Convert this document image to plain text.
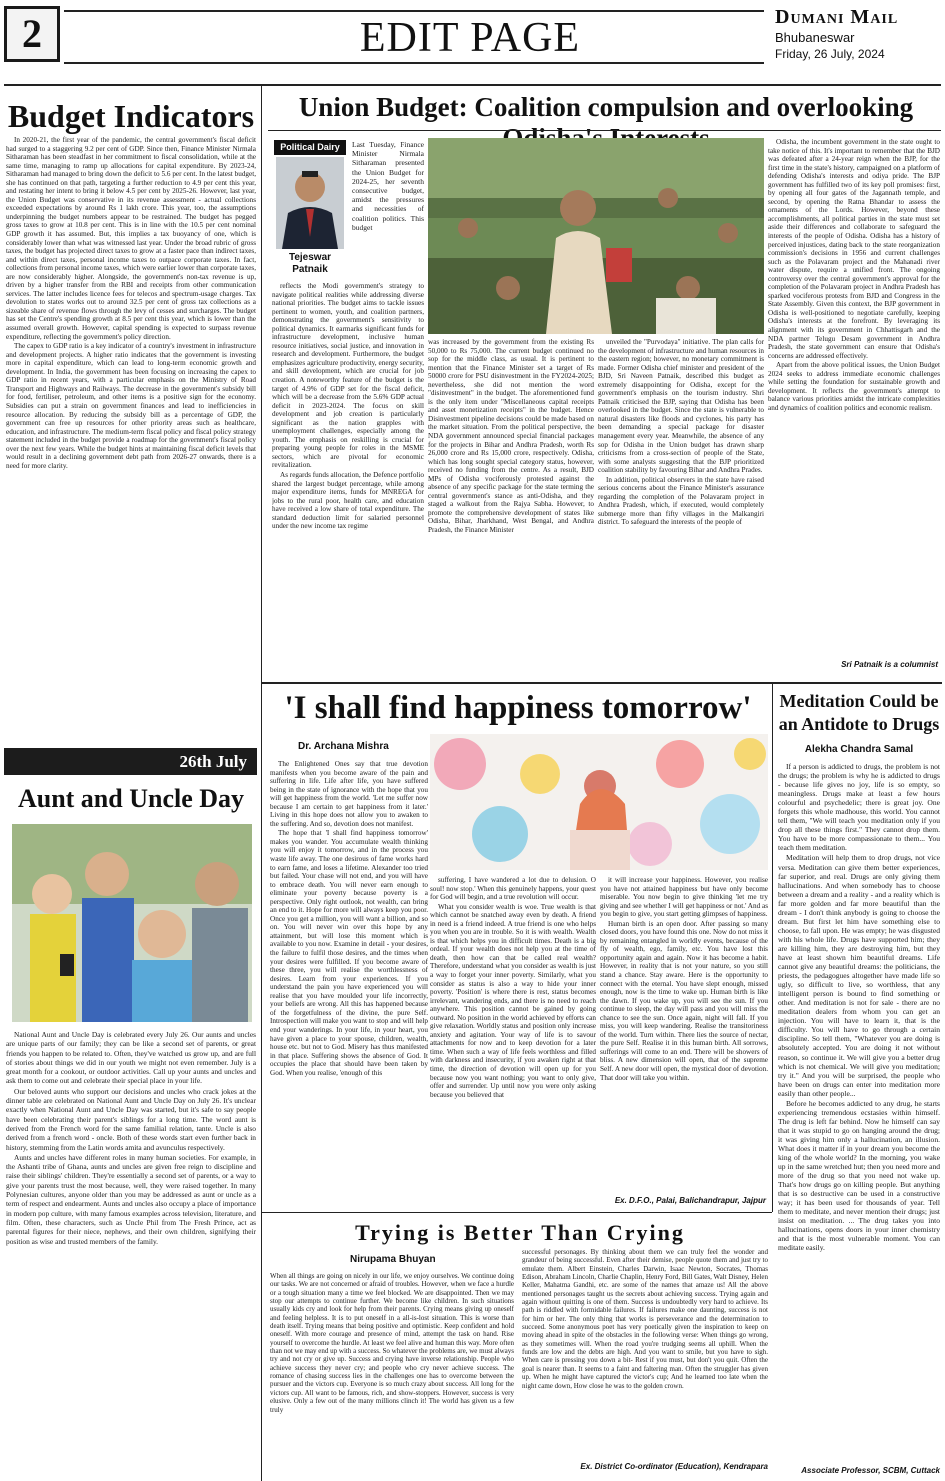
2	EDIT PAGE	Dumani Mail
Bhubaneswar
Friday, 26 July, 2024
Budget Indicators

In 2020-21, the first year of the pandemic, the central government's fiscal deficit had surged to a staggering 9.2 per cent of GDP. Since then, Finance Minister Nirmala Sitharaman has been steadfast in her commitment to fiscal consolidation, while at the same time, managing to ramp up allocations for capital expenditure. By 2023-24, Sitharaman had managed to bring down the deficit to 5.6 per cent. In the latest budget, she has continued on that path, targeting a further reduction to 4.9 per cent this year, and restating her intent to bring it below 4.5 per cent by 2025-26. However, last year, the Union Budget was conservative in its revenue assessment - actual collections exceeded expectations by around Rs 1 lakh crore. This year, too, the assumptions underpinning the budget numbers appear to be restrained. The budget has pegged gross taxes to grow at 10.8 per cent. This is in line with the 10.5 per cent nominal GDP growth it has assumed. But, this implies a tax buoyancy of one, which is considerably lower than what was witnessed last year. Under the broad rubric of gross taxes, the budget has projected direct taxes to grow at a faster pace than indirect taxes, and within direct taxes, personal income taxes to outpace corporate taxes. In fact, collections from personal income taxes, which were earlier lower than corporate taxes, are now considerably higher. Alongside, the government's non-tax revenue is up, driven by a higher transfer from the RBI and receipts from other communication services. The latter includes licence fees for telecos and spectrum-usage charges. Tax devolution to states works out to around 32.5 per cent of gross tax collections as a sizeable share of revenue flows through the levy of cesses and surcharges. The budget has set the Centre's spending growth at 8.5 per cent this year, which is lower than the assumed overall growth. However, capital spending is expected to surpass revenue expenditure, reflecting the government's policy direction.

The capex to GDP ratio is a key indicator of a country's investment in infrastructure and development projects. A higher ratio indicates that the government is investing more in capital expenditure, which can lead to long-term economic growth and development. In India, the government has been focusing on increasing the capex to GDP ratio in recent years, with a particular emphasis on the Ministry of Road Transport and Highways and Railways. The decrease in the government's subsidy bill for food, fertiliser, petroleum, and other items is a positive sign for the economy. Subsidies can put a strain on government finances and lead to inefficiencies in resource allocation. By reducing the subsidy bill as a percentage of GDP, the government can free up resources for other priority areas such as healthcare, education, and infrastructure. The medium-term fiscal policy and fiscal policy strategy statement included in the budget provide a roadmap for the government's fiscal policy over the next few years. While the budget hints at maintaining fiscal deficit levels that would result in a declining government debt path from 2026-27 onwards, there is a need for more clarity.

26th July
Aunt and Uncle Day

National Aunt and Uncle Day is celebrated every July 26. Our aunts and uncles are unique parts of our family; they can be like a second set of parents, or great friends you happen to be related to. Often, they've watched us grow up, and are full of stories about things we did in our youth we might not even remember. July is a great month for a cookout, or outdoor activities. Call up your aunts and uncles and ask them to come out and celebrate their special place in your life.

Our beloved aunts who support our decisions and uncles who crack jokes at the dinner table are celebrated on National Aunt and Uncle Day on July 26. It's unclear exactly when National Aunt and Uncle Day was started, but it's safe to say people have been celebrating their parent's siblings for a long time. The word aunt is derived from the French word for the same familial relation, tante. Uncle is also derived from a french word - oncle. Both of these words start even further back in history, stemming from the Latin words amita and avunculus respectively.

Aunts and uncles have different roles in many human societies. For example, in the Ashanti tribe of Ghana, aunts and uncles are given free reign to discipline and raise their siblings' children. They're essentially a second set of parents, or a way to give your parents trust the most because, well, they were raised together. In many Polynesian cultures, anyone older than you may be addressed as aunt or uncle as a term of respect and endearment. Aunts and uncles also occupy a place of importance in modern pop culture, with many famous examples across television, literature, and film. Often, these characters, such as Uncle Phil from The Fresh Prince, act as parental figures for their niece, nephews, and their own children, signifying their position as wise and trusted members of the family.

Union Budget: Coalition compulsion and overlooking
Political Dairy
Tejeswar Patnaik
Last Tuesday, Finance Minister Nirmala Sitharaman presented the Union Budget for 2024-25, her seventh consecutive budget, amidst the pressures and necessities of coalition politics. This budget

reflects the Modi government's strategy to navigate political realities while addressing diverse national priorities. The budget aims to tackle issues pertinent to women, youth, and coalition partners, demonstrating the government's sensitivity to political dynamics. It earmarks significant funds for infrastructure development, inclusive human resource initiatives, social justice, and innovation in research and development. Furthermore, the budget emphasizes agriculture productivity, energy security, and skill development, which are crucial for job creation. A noteworthy feature of the budget is the target of 4.9% of GDP set for the fiscal deficit, which will be a decrease from the 5.6% GDP actual deficit in 2023-2024. The focus on skill development and job creation is particularly significant as the nation grapples with unemployment challenges, especially among the youth. The emphasis on reskilling is crucial for preparing young people for roles in the MSME sectors, which are pivotal for economic revitalization.

As regards funds allocation, the Defence portfolio shared the largest budget percentage, while among major expenditure items, funds for MNREGA for jobs to the rural poor, health care, and education have received a low share of total expenditure. The standard deduction limit for salaried personnel under the new income tax regime

was increased by the government from the existing Rs 50,000 to Rs 75,000. The current budget continued no sop for the middle class, as usual. It is pertinent to mention that the Finance Minister set a target of Rs 50000 crore for PSU disinvestment in the FY2024-2025; nevertheless, she did not mention the word "disinvestment" in the budget. The aforementioned fund is the only item under "Miscellaneous capital receipts and asset monetization receipts" in the budget. Hence Disinvestment pipeline decisions could be made based on the market situation. From the political perspective, the NDA government announced special financial packages for the projects in Bihar and Andhra Pradesh, worth Rs 26,000 crore and Rs 15,000 crore, respectively. Odisha, which has long sought special category status, however, received no funding from the centre. As a result, BJD MPs of Odisha vociferously protested against the absence of any specific package for the state terming the central government's stance as anti-Odisha, and they staged a walkout from the Rajya Sabha. However, to promote the comprehensive development of states like Odisha, Bihar, Jharkhand, West Bengal, and Andhra Pradesh, the Finance Minister

unveiled the "Purvodaya" initiative. The plan calls for the development of infrastructure and human resources in the eastern region; however, no monetary commitment is made. Former Odisha chief minister and president of the BJD, Sri Naveen Patnaik, described this budget as extremely disappointing for Odisha, except for the government's emphasis on the tourism industry. Shri Patnaik criticised the BJP, saying that Odisha has been overlooked in the budget. Since the state is vulnerable to natural disasters like floods and cyclones, his party has been demanding a special package for disaster management every year. Meanwhile, the absence of any sop for Odisha in the Union budget has drawn sharp criticisms from a cross-section of people of the State, with some analysts suggesting that the BJP prioritized coalition stability by favouring Bihar and Andhra Prades.

In addition, political observers in the state have raised serious concerns about the Finance Minister's assurance regarding the completion of the Polavaram project in Andhra Pradesh, which, if executed, would completely submerge more than fifty villages in the Malkangiri district. To safeguard the interests of the people of

Odisha, the incumbent government in the state ought to take notice of this. It's important to remember that the BJD was defeated after a 24-year reign when the BJP, for the first time in the state's history, campaigned on a platform of defending Odisha's interests and odiya pride. The BJP government has fulfilled two of its key poll promises: first, by opening all four gates of the Jagannath temple, and second, by opening the Ratna Bhandar to assess the ornaments of the Lords. However, beyond these accomplishments, all political parties in the state must set aside their differences and collaborate to safeguard the interests of the people of Odisha. Odisha has a history of perceived injustices, dating back to the state reorganization commission's decisions in 1956 and current challenges such as the Polavaram project and the Mahanadi river water dispute, require a unified front. The ongoing controversy over the central government's approval for the completion of the Polavaram project in Andhra Pradesh has sparked vociferous protests from BJD and Congress in the State Assembly. Given this context, the BJP government in Odisha is well-positioned to negotiate carefully, keeping Odisha's interests at the forefront. By leveraging its alignment with its government in Chhattisgarh and the NDA partner Telugu Desam government in Andhra Pradesh, the state government can ensure that Odisha's concerns are addressed effectively.

Apart from the above political issues, the Union Budget 2024 seeks to address immediate economic challenges while setting the foundation for sustainable growth and development. It reflects the government's attempt to balance various priorities amidst the intricate complexities and dynamics of coalition politics and economic realism.

Sri Patnaik is a columnist
'I shall find happiness tomorrow'
Dr. Archana Mishra

The Enlightened Ones say that true devotion manifests when you become aware of the pain and suffering in life. Life after life, you have suffered being in the state of ignorance with the hope that you will get happiness from the world. 'Let me suffer now because I am certain to get happiness from it later.' Living in this hope does not allow you to awaken to the suffering. And so, devotion does not manifest.

The hope that 'I shall find happiness tomorrow' makes you wander. You accumulate wealth thinking you will enjoy it tomorrow, and in the process you waste life away. The one desirous of fame works hard to earn fame, and loses a lifetime. Alexander too tried but failed. Your chase will not end, and you will have to embrace death. You will never earn enough to eliminate your poverty because poverty is a perspective. Only right outlook, not wealth, can bring an end to it. Hope for more will always keep you poor. Once you get a million, you will want a billion, and so on. You will never win over this hope by any attainment, but will lose this moment which is available to you now. Examine in detail - your desires, the failure to fulfil those desires, and the times when your desires were fulfilled. If you become aware of these three, you will realise the worthlessness of desires. Learn from your experiences. If you understand the pain you have experienced you will realise that you have moulded your life incorrectly, your beliefs are wrong. All this has happened because of the forgetfulness of the divine, the pure Self. Introspection will make you want to stop and will help end your wanderings. In your life, in your heart, you have given a place to your spouse, children, wealth, house etc. but not to God. Misery has thus manifested in that place. Suffering shows the absence of God. It occupies the place that should have been taken by God. When you realise, 'enough of this

suffering, I have wandered a lot due to delusion. O soul! now stop.' When this genuinely happens, your quest for God will begin, and a true revolution will occur.

What you consider wealth is woe. True wealth is that which cannot be snatched away even by death. A friend in need is a friend indeed. A true friend is one who helps you when you are in trouble. So it is with wealth. Wealth is that which helps you in difficult times. Death is a big ordeal. If your wealth does not help you at the time of death, then how can that be called real wealth? Therefore, understand what you consider as wealth is just a way to forget your inner poverty. Similarly, what you consider as status is also a way to hide your inner poverty. 'Position' is where there is rest, status becomes irrelevant, wandering ends, and there is no need to reach anywhere. This position cannot be gained by going outward. No position in the world achieved by efforts can give relaxation. Worldly status and position only increase anxiety and agitation. Your way of life is to savour attachments for now and to keep devotion for a later time. When such a way of life feels worthless and filled with darkness and insecurity, if you awaken right at that time, the direction of devotion will open up for you because now you want nothing; you want to only give, offer and surrender. Up until now you were only asking because you believed that

it will increase your happiness. However, you realise you have not attained happiness but have only become miserable. You now begin to give thinking 'let me try giving and see whether I will get happiness or not.' And as you begin to give, you start getting glimpses of happiness.

Human birth is an open door. After passing so many closed doors, you have found this one. Now do not miss it by remaining entangled in worldly events, because of the fly of wealth, ego, family, etc. You have lost this opportunity again and again. Now it has become a habit. However, in reality that is not your nature, so you still stand a chance. Stay aware. Here is the opportunity to connect with the eternal. You have slept enough, missed enough, now is the time to wake up. Human birth is like the dawn. If you wake up, you will see the sun. If you continue to sleep, the day will pass and you will miss the chance to see the sun. Once again, night will fall. If you miss, you will keep wandering. Realise the transitoriness of the world. Turn within. There lies the source of nectar, the pure Self. Realise it in this human birth. All sorrows, sufferings will come to an end. There will be showers of bliss. A new dimension will open, that of the supreme Self. A new door will open, the mystical door of devotion. That door will take you within.

Ex. D.F.O., Palai, Balichandrapur, Jajpur
Meditation Could be an Antidote to Drugs
Alekha Chandra Samal

If a person is addicted to drugs, the problem is not the drugs; the problem is why he is addicted to drugs - because life gives no joy, life is so empty, so meaningless. Drugs make at least a few hours colourful and psychedelic; there is great joy. One forgets this whole madhouse, this world. You cannot tell them, "We will teach you meditation only if you drop all these things first." They cannot drop them. You have to be more compassionate to them... You teach them meditation.

Meditation will help them to drop drugs, not vice versa. Meditation can give them better experiences, far superior, and real. Drugs are only giving them hallucinations. And when somebody has to choose between a dream and a reality - and a reality which is far more golden and far more beautiful than the dream - I don't think anybody is going to choose the dream. But first let him have something else to choose, to fall upon. He was empty; he was disgusted with his whole life. Drugs have supported him; they are killing him, they are destroying him, but they have at least shown him beautiful dreams. Life cannot give any beautiful dreams: the politicians, the priests, the pedagogues altogether have made life so ugly, so difficult to live, so worthless, that any intelligent person is bound to find something or other. And meditation is not for sale - there are no meditation dealers from whom you can get an injection. You will have to learn it, that is the difficulty. You will have to go through a certain discipline. So tell them, "Whatever you are doing is absolutely accepted. You are doing it not without reason, so continue it. We will give you a better drug which is not chemical. We will give you meditation; try it." And you will be surprised, the people who have been on drugs can enter into meditation more easily than other people...

Before he becomes addicted to any drug, he starts experiencing tremendous ecstasies within himself. The drug is left far behind. Now he himself can say that it was stupid to go on hanging around the drug; it was giving him only a hallucination, an illusion. What does it matter if in your dream you become the king of the whole world? In the morning, you wake up in the same wretched hut; then you need more and more of the drug so that you need not wake up. That's how drugs go on killing people. But anything that is so destructive can be used in a constructive way; it has been used for thousands of year. Tell them to meditate, and never mention their drugs; just insist on meditation. ... The drug takes you into hallucinations, opens doors in your inner chemistry and that is the most vulnerable moment. You can meditate easily.

Associate Professor, SCBM, Cuttack
Trying is Better Than Crying
Nirupama Bhuyan
When all things are going on nicely in our life, we enjoy ourselves. We continue doing our tasks. We are not concerned or afraid of troubles. However, when we face a hurdle or a tough situation many a time we feel blocked. We are disappointed. Then we may stop our attempts to continue further. We become like children. In such situations usually kids cry and look for help from their parents. Crying means giving up oneself and feeling helpless. It is to put oneself in a all-is-lost situation. This is worse than death itself. Trying means that being positive and optimistic. Keep confident and hold oneself. With more courage and presence of mind, attempt the task on hand. Rise yourself to overcome the hurdle. At least we feel alive and human this way. More often than not we may end up with a success. So whatever the problems are, we must always try and not cry or give up. Success and crying have inverse relationship. People who achieve success they never cry; and people who cry never achieve success. The romance of chasing success lies in the challenges one has to overcome between the pursuer and the victors cup. Everyone is so much crazy about success. All long for the victors cup. All want to be famous, rich, and show-stoppers. However, success is very elusive. Only a few out of the many millions clinch it! The world has given us a few truly
successful personages. By thinking about them we can truly feel the wonder and grandeur of being successful. Even after their demise, people quote them and just try to emulate them. Albert Einstein, Charles Darwin, Isaac Newton, Socrates, Thomas Edison, Abraham Lincoln, Charlie Chaplin, Henry Ford, Bill Gates, Walt Disney, Helen Keller, Mahatma Gandhi, etc. are some of the names that amaze us! All the above mentioned personages taught us the secrets about achieving success. Trying again and again without quitting is one of them. Success is undoubtedly very hard to achieve. Its path is riddled with formidable failures. If failures make one daunting, success is not for him or her. The only thing that works is perseverance and the determination to succeed. Some anonymous poet has very poetically given the inspiration to keep on moving ahead in spite of the obstacles in the following verse: When things go wrong, as they sometimes will. When the road you're trudging seems all uphill. When the funds are low and the debts are high. And you want to smile, but you have to sigh. When care is pressing you down a bit- Rest if you must, but don't you quit. Often the goal is nearer than. It seems to a faint and faltering man. Often the struggler has given up. When he might have captured the victor's cup; And he learned too late when the night came down, How close he was to the golden crown.
Ex. District Co-ordinator (Education), Kendrapara
